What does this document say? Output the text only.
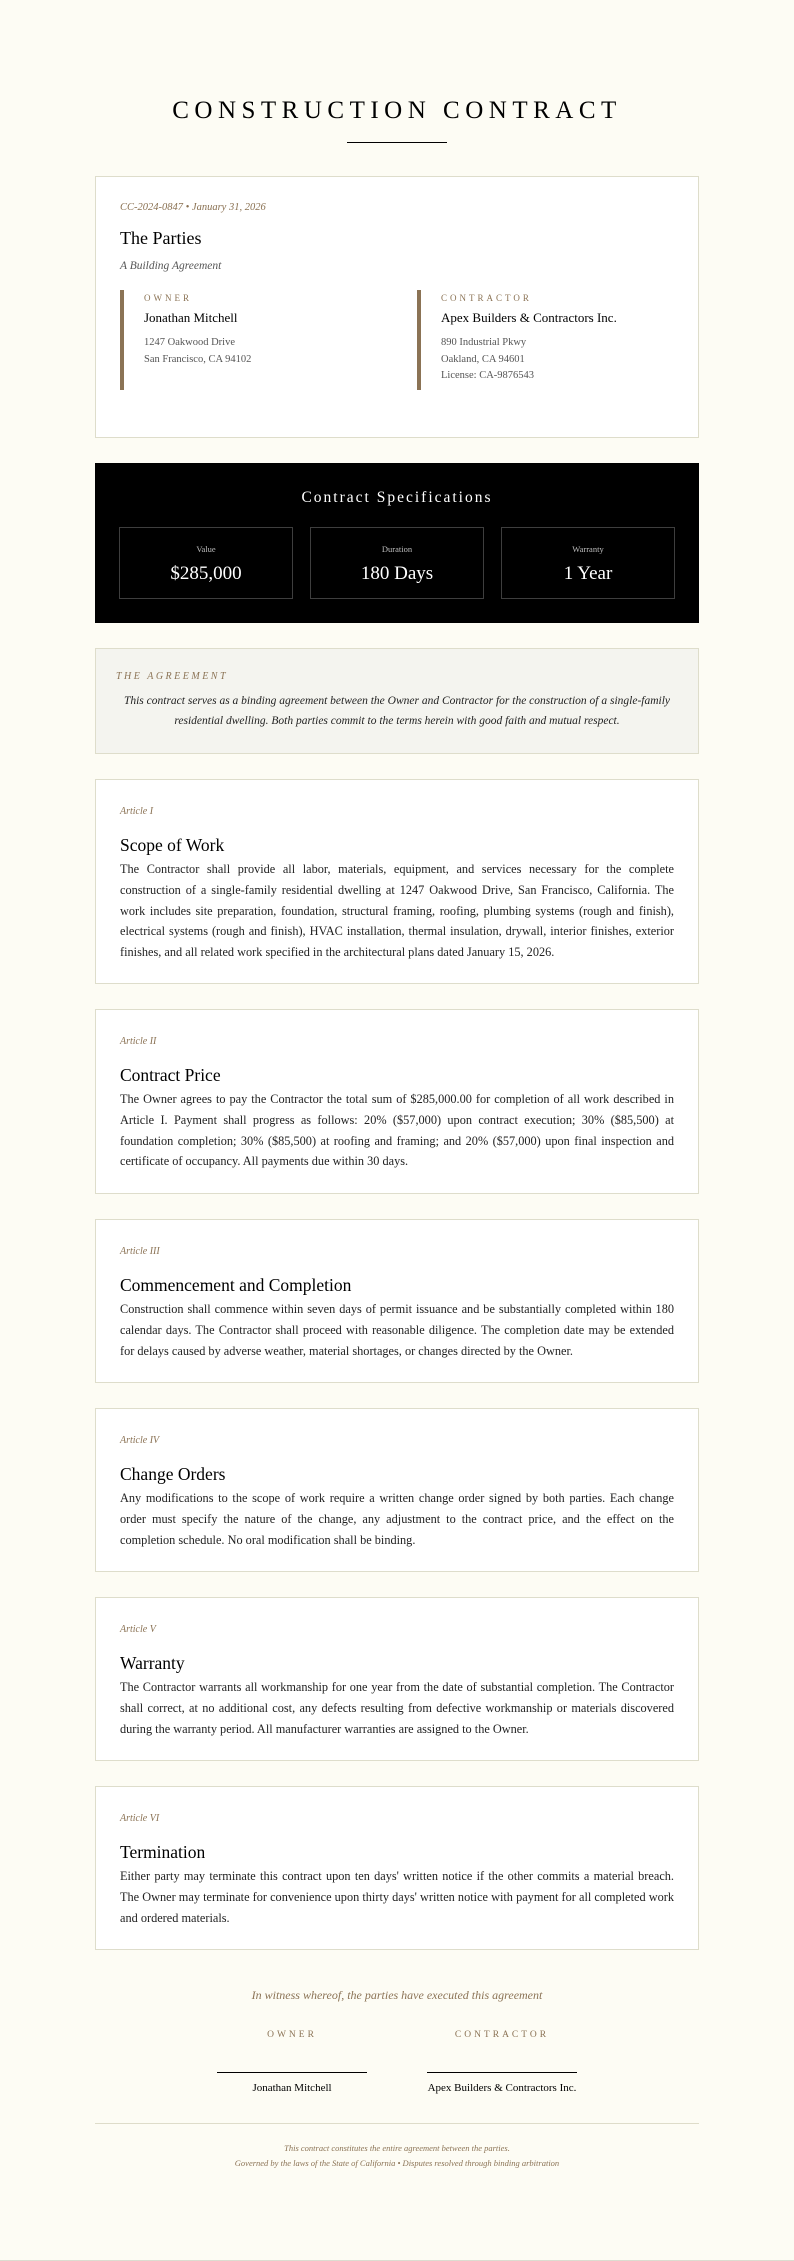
CONSTRUCTION CONTRACT
CC-2024-0847 • January 31, 2026
The Parties
A Building Agreement
OWNER
Jonathan Mitchell
1247 Oakwood Drive
San Francisco, CA 94102
CONTRACTOR
Apex Builders & Contractors Inc.
890 Industrial Pkwy
Oakland, CA 94601
License: CA-9876543
Contract Specifications
Value
$285,000
Duration
180 Days
Warranty
1 Year
THE AGREEMENT
This contract serves as a binding agreement between the Owner and Contractor for the construction of a single-family residential dwelling. Both parties commit to the terms herein with good faith and mutual respect.
Article I
Scope of Work
The Contractor shall provide all labor, materials, equipment, and services necessary for the complete construction of a single-family residential dwelling at 1247 Oakwood Drive, San Francisco, California. The work includes site preparation, foundation, structural framing, roofing, plumbing systems (rough and finish), electrical systems (rough and finish), HVAC installation, thermal insulation, drywall, interior finishes, exterior finishes, and all related work specified in the architectural plans dated January 15, 2026.
Article II
Contract Price
The Owner agrees to pay the Contractor the total sum of $285,000.00 for completion of all work described in Article I. Payment shall progress as follows: 20% ($57,000) upon contract execution; 30% ($85,500) at foundation completion; 30% ($85,500) at roofing and framing; and 20% ($57,000) upon final inspection and certificate of occupancy. All payments due within 30 days.
Article III
Commencement and Completion
Construction shall commence within seven days of permit issuance and be substantially completed within 180 calendar days. The Contractor shall proceed with reasonable diligence. The completion date may be extended for delays caused by adverse weather, material shortages, or changes directed by the Owner.
Article IV
Change Orders
Any modifications to the scope of work require a written change order signed by both parties. Each change order must specify the nature of the change, any adjustment to the contract price, and the effect on the completion schedule. No oral modification shall be binding.
Article V
Warranty
The Contractor warrants all workmanship for one year from the date of substantial completion. The Contractor shall correct, at no additional cost, any defects resulting from defective workmanship or materials discovered during the warranty period. All manufacturer warranties are assigned to the Owner.
Article VI
Termination
Either party may terminate this contract upon ten days' written notice if the other commits a material breach. The Owner may terminate for convenience upon thirty days' written notice with payment for all completed work and ordered materials.
In witness whereof, the parties have executed this agreement
OWNER
Jonathan Mitchell
CONTRACTOR
Apex Builders & Contractors Inc.
This contract constitutes the entire agreement between the parties.
Governed by the laws of the State of California • Disputes resolved through binding arbitration
